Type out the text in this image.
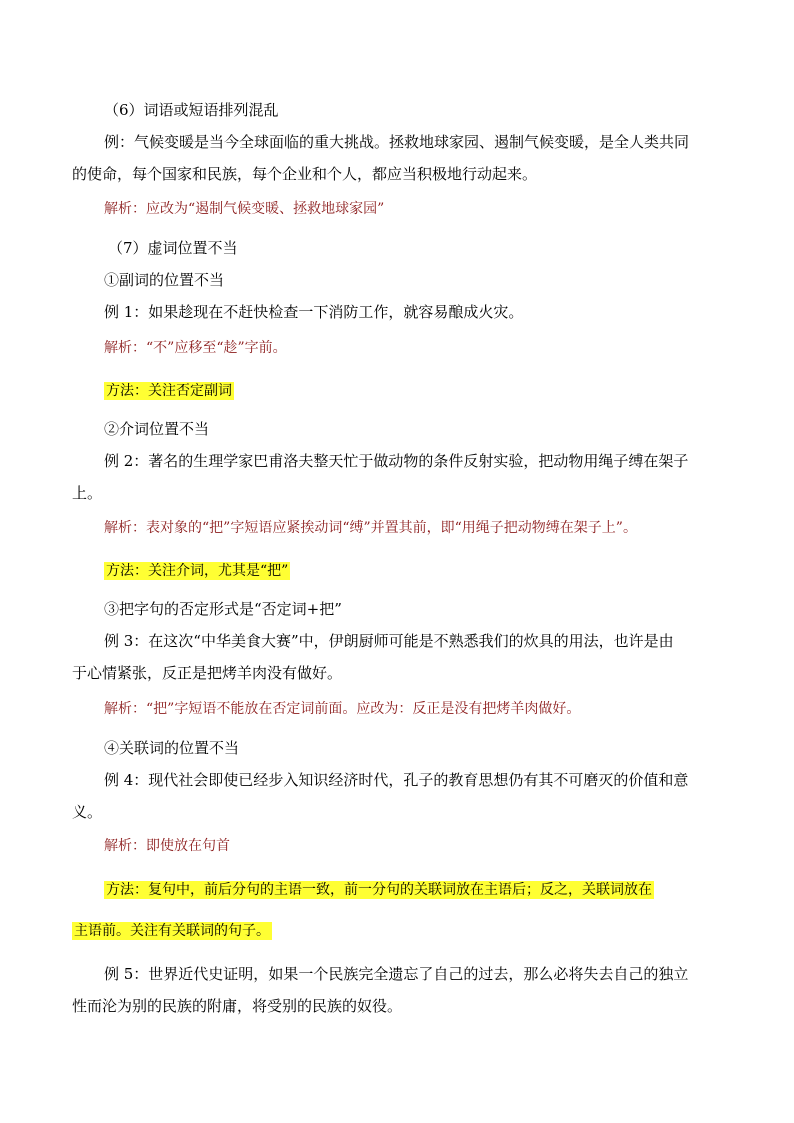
（6）词语或短语排列混乱
例：气候变暖是当今全球面临的重大挑战。拯救地球家园、遏制气候变暖，是全人类共同
的使命，每个国家和民族，每个企业和个人，都应当积极地行动起来。
解析：应改为“遏制气候变暖、拯救地球家园”
（7）虚词位置不当
①副词的位置不当
例 1：如果趁现在不赶快检查一下消防工作，就容易酿成火灾。
解析：“不”应移至“趁”字前。
方法：关注否定副词
②介词位置不当
例 2：著名的生理学家巴甫洛夫整天忙于做动物的条件反射实验，把动物用绳子缚在架子
上。
解析：表对象的“把”字短语应紧挨动词“缚”并置其前，即“用绳子把动物缚在架子上”。
方法：关注介词，尤其是“把”
③把字句的否定形式是“否定词+把”
例 3：在这次“中华美食大赛”中，伊朗厨师可能是不熟悉我们的炊具的用法，也许是由
于心情紧张，反正是把烤羊肉没有做好。
解析：“把”字短语不能放在否定词前面。应改为：反正是没有把烤羊肉做好。
④关联词的位置不当
例 4：现代社会即使已经步入知识经济时代，孔子的教育思想仍有其不可磨灭的价值和意
义。
解析：即使放在句首
方法：复句中，前后分句的主语一致，前一分句的关联词放在主语后；反之，关联词放在
主语前。关注有关联词的句子。
例 5：世界近代史证明，如果一个民族完全遗忘了自己的过去，那么必将失去自己的独立
性而沦为别的民族的附庸，将受别的民族的奴役。
